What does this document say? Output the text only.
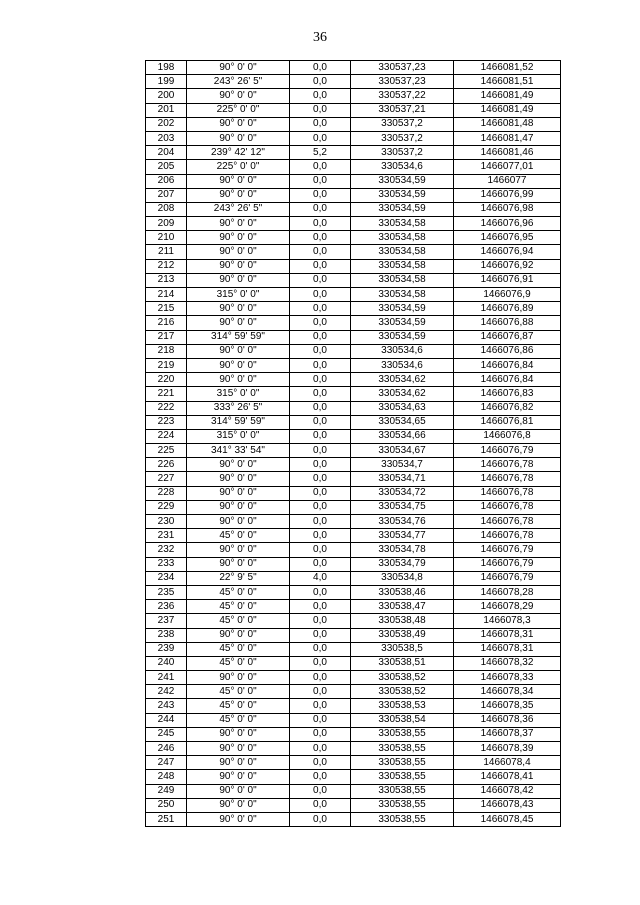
36
198	90° 0' 0"	0,0	330537,23	1466081,52
199	243° 26' 5"	0,0	330537,23	1466081,51
200	90° 0' 0"	0,0	330537,22	1466081,49
201	225° 0' 0"	0,0	330537,21	1466081,49
202	90° 0' 0"	0,0	330537,2	1466081,48
203	90° 0' 0"	0,0	330537,2	1466081,47
204	239° 42' 12"	5,2	330537,2	1466081,46
205	225° 0' 0"	0,0	330534,6	1466077,01
206	90° 0' 0"	0,0	330534,59	1466077
207	90° 0' 0"	0,0	330534,59	1466076,99
208	243° 26' 5"	0,0	330534,59	1466076,98
209	90° 0' 0"	0,0	330534,58	1466076,96
210	90° 0' 0"	0,0	330534,58	1466076,95
211	90° 0' 0"	0,0	330534,58	1466076,94
212	90° 0' 0"	0,0	330534,58	1466076,92
213	90° 0' 0"	0,0	330534,58	1466076,91
214	315° 0' 0"	0,0	330534,58	1466076,9
215	90° 0' 0"	0,0	330534,59	1466076,89
216	90° 0' 0"	0,0	330534,59	1466076,88
217	314° 59' 59"	0,0	330534,59	1466076,87
218	90° 0' 0"	0,0	330534,6	1466076,86
219	90° 0' 0"	0,0	330534,6	1466076,84
220	90° 0' 0"	0,0	330534,62	1466076,84
221	315° 0' 0"	0,0	330534,62	1466076,83
222	333° 26' 5"	0,0	330534,63	1466076,82
223	314° 59' 59"	0,0	330534,65	1466076,81
224	315° 0' 0"	0,0	330534,66	1466076,8
225	341° 33' 54"	0,0	330534,67	1466076,79
226	90° 0' 0"	0,0	330534,7	1466076,78
227	90° 0' 0"	0,0	330534,71	1466076,78
228	90° 0' 0"	0,0	330534,72	1466076,78
229	90° 0' 0"	0,0	330534,75	1466076,78
230	90° 0' 0"	0,0	330534,76	1466076,78
231	45° 0' 0"	0,0	330534,77	1466076,78
232	90° 0' 0"	0,0	330534,78	1466076,79
233	90° 0' 0"	0,0	330534,79	1466076,79
234	22° 9' 5"	4,0	330534,8	1466076,79
235	45° 0' 0"	0,0	330538,46	1466078,28
236	45° 0' 0"	0,0	330538,47	1466078,29
237	45° 0' 0"	0,0	330538,48	1466078,3
238	90° 0' 0"	0,0	330538,49	1466078,31
239	45° 0' 0"	0,0	330538,5	1466078,31
240	45° 0' 0"	0,0	330538,51	1466078,32
241	90° 0' 0"	0,0	330538,52	1466078,33
242	45° 0' 0"	0,0	330538,52	1466078,34
243	45° 0' 0"	0,0	330538,53	1466078,35
244	45° 0' 0"	0,0	330538,54	1466078,36
245	90° 0' 0"	0,0	330538,55	1466078,37
246	90° 0' 0"	0,0	330538,55	1466078,39
247	90° 0' 0"	0,0	330538,55	1466078,4
248	90° 0' 0"	0,0	330538,55	1466078,41
249	90° 0' 0"	0,0	330538,55	1466078,42
250	90° 0' 0"	0,0	330538,55	1466078,43
251	90° 0' 0"	0,0	330538,55	1466078,45
